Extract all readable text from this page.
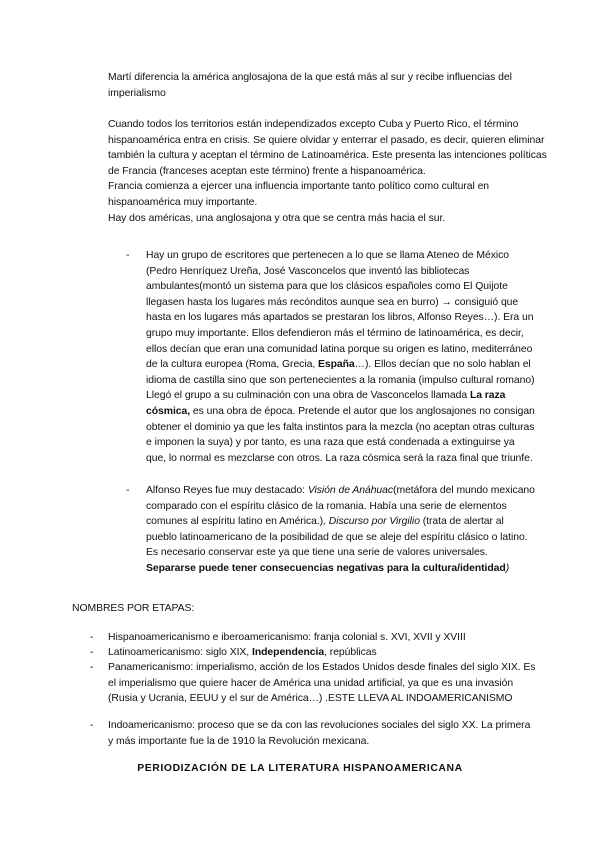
Martí diferencia la américa anglosajona de la que está más al sur y recibe influencias del imperialismo

Cuando todos los territorios están independizados excepto Cuba y Puerto Rico, el término hispanoamérica entra en crisis. Se quiere olvidar y enterrar el pasado, es decir, quieren eliminar también la cultura y aceptan el término de Latinoamérica. Este presenta las intenciones políticas de Francia (franceses aceptan este término) frente a hispanoamérica.
Francia comienza a ejercer una influencia importante tanto político como cultural en hispanoamérica muy importante.
Hay dos américas, una anglosajona y otra que se centra más hacia el sur.
- Hay un grupo de escritores que pertenecen a lo que se llama Ateneo de México (Pedro Henríquez Ureña, José Vasconcelos que inventó las bibliotecas ambulantes(montó un sistema para que los clásicos españoles como El Quijote llegasen hasta los lugares más recónditos aunque sea en burro) → consiguió que hasta en los lugares más apartados se prestaran los libros, Alfonso Reyes…). Era un grupo muy importante. Ellos defendieron más el término de latinoamérica, es decir, ellos decían que eran una comunidad latina porque su origen es latino, mediterráneo de la cultura europea (Roma, Grecia, España…). Ellos decían que no solo hablan el idioma de castilla sino que son pertenecientes a la romania (impulso cultural romano) Llegó el grupo a su culminación con una obra de Vasconcelos llamada La raza cósmica, es una obra de época. Pretende el autor que los anglosajones no consigan obtener el dominio ya que les falta instintos para la mezcla (no aceptan otras culturas e imponen la suya) y por tanto, es una raza que está condenada a extinguirse ya que, lo normal es mezclarse con otros. La raza cósmica será la raza final que triunfe.
- Alfonso Reyes fue muy destacado: Visión de Anáhuac(metáfora del mundo mexicano comparado con el espíritu clásico de la romania. Había una serie de elementos comunes al espíritu latino en América.), Discurso por Virgilio (trata de alertar al pueblo latinoamericano de la posibilidad de que se aleje del espíritu clásico o latino. Es necesario conservar este ya que tiene una serie de valores universales. Separarse puede tener consecuencias negativas para la cultura/identidad)
NOMBRES POR ETAPAS:
- Hispanoamericanismo e iberoamericanismo: franja colonial s. XVI, XVII y XVIII
- Latinoamericanismo: siglo XIX, Independencia, repúblicas
- Panamericanismo: imperialismo, acción de los Estados Unidos desde finales del siglo XIX. Es el imperialismo que quiere hacer de América una unidad artificial, ya que es una invasión (Rusia y Ucrania, EEUU y el sur de América…) .ESTE LLEVA AL INDOAMERICANISMO
- Indoamericanismo: proceso que se da con las revoluciones sociales del siglo XX. La primera y más importante fue la de 1910 la Revolución mexicana.
PERIODIZACIÓN DE LA LITERATURA HISPANOAMERICANA
